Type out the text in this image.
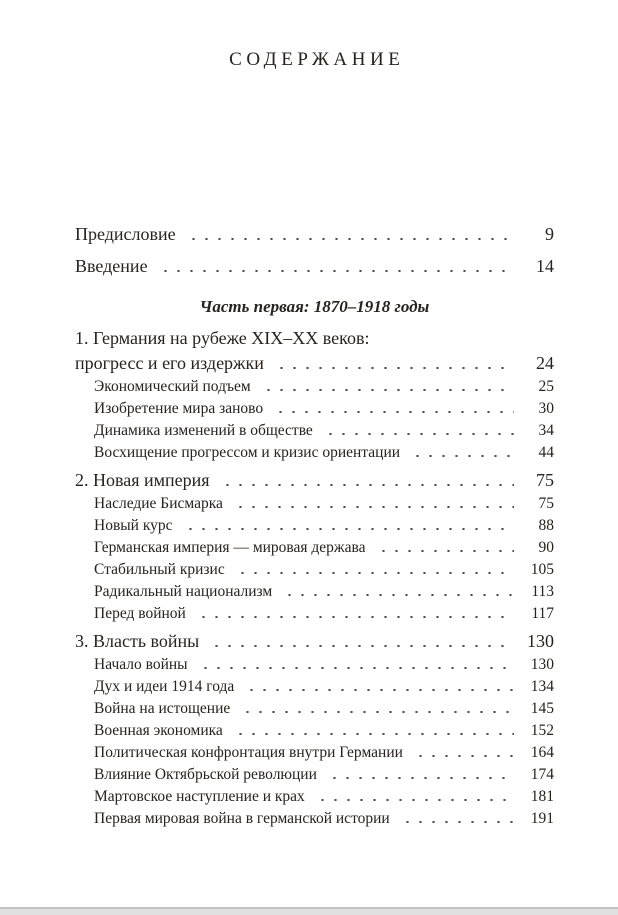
СОДЕРЖАНИЕ
Предисловие	9
Введение	14
Часть первая: 1870–1918 годы
1. Германия на рубеже XIX–XX веков:
прогресс и его издержки	24
Экономический подъем	25
Изобретение мира заново	30
Динамика изменений в обществе	34
Восхищение прогрессом и кризис ориентации	44
2. Новая империя	75
Наследие Бисмарка	75
Новый курс	88
Германская империя — мировая держава	90
Стабильный кризис	105
Радикальный национализм	113
Перед войной	117
3. Власть войны	130
Начало войны	130
Дух и идеи 1914 года	134
Война на истощение	145
Военная экономика	152
Политическая конфронтация внутри Германии	164
Влияние Октябрьской революции	174
Мартовское наступление и крах	181
Первая мировая война в германской истории	191
